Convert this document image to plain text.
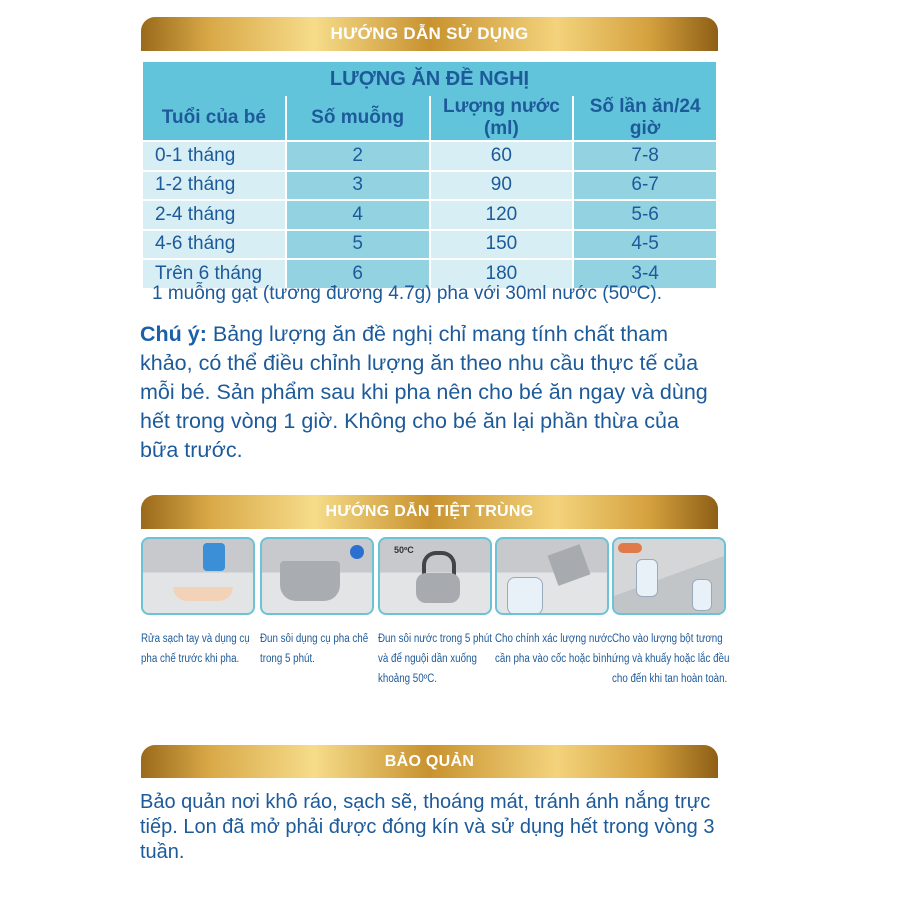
HƯỚNG DẪN SỬ DỤNG
LƯỢNG ĂN ĐỀ NGHỊ			
Tuổi của bé	Số muỗng	Lượng nước (ml)	Số lần ăn/24 giờ
0-1 tháng	2	60	7-8
1-2 tháng	3	90	6-7
2-4 tháng	4	120	5-6
4-6 tháng	5	150	4-5
Trên 6 tháng	6	180	3-4
1 muỗng gạt (tương đương 4.7g) pha với 30ml nước (50ºC).
Chú ý: Bảng lượng ăn đề nghị chỉ mang tính chất tham khảo, có thể điều chỉnh lượng ăn theo nhu cầu thực tế của mỗi bé. Sản phẩm sau khi pha nên cho bé ăn ngay và dùng hết trong vòng 1 giờ. Không cho bé ăn lại phần thừa của bữa trước.
HƯỚNG DẪN TIỆT TRÙNG
Rửa sạch tay và dụng cụ pha chế trước khi pha.
Đun sôi dụng cụ pha chế trong 5 phút.
50ºC
Đun sôi nước trong 5 phút và để nguội dần xuống khoảng 50ºC.
Cho chính xác lượng nước cần pha vào cốc hoặc bình.
Cho vào lượng bột tương ứng và khuấy hoặc lắc đều cho đến khi tan hoàn toàn.
BẢO QUẢN
Bảo quản nơi khô ráo, sạch sẽ, thoáng mát, tránh ánh nắng trực tiếp. Lon đã mở phải được đóng kín và sử dụng hết trong vòng 3 tuần.
